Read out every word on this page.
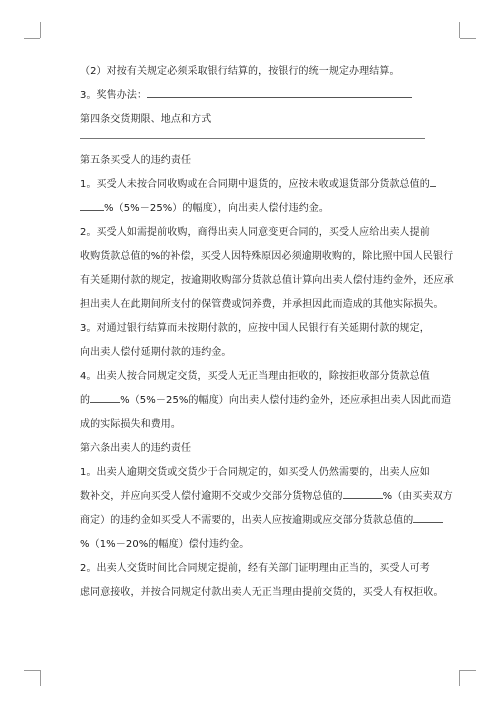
（2）对按有关规定必须采取银行结算的，按银行的统一规定办理结算。

3。奖售办法：

第四条交货期限、地点和方式

第五条买受人的违约责任

1。买受人未按合同收购或在合同期中退货的，应按未收或退货部分货款总值的

%（5%－25%）的幅度），向出卖人偿付违约金。

2。买受人如需提前收购，商得出卖人同意变更合同的，买受人应给出卖人提前

收购货款总值的%的补偿，买受人因特殊原因必须逾期收购的，除比照中国人民银行

有关延期付款的规定，按逾期收购部分货款总值计算向出卖人偿付违约金外，还应承

担出卖人在此期间所支付的保管费或饲养费，并承担因此而造成的其他实际损失。

3。对通过银行结算而未按期付款的，应按中国人民银行有关延期付款的规定，

向出卖人偿付延期付款的违约金。

4。出卖人按合同规定交货，买受人无正当理由拒收的，除按拒收部分货款总值

的	%（5%－25%的幅度）向出卖人偿付违约金外，还应承担出卖人因此而造

成的实际损失和费用。

第六条出卖人的违约责任

1。出卖人逾期交货或交货少于合同规定的，如买受人仍然需要的，出卖人应如

数补交，并应向买受人偿付逾期不交或少交部分货物总值的	%（由买卖双方

商定）的违约金如买受人不需要的，出卖人应按逾期或应交部分货款总值的

%（1%－20%的幅度）偿付违约金。

2。出卖人交货时间比合同规定提前，经有关部门证明理由正当的，买受人可考

虑同意接收，并按合同规定付款出卖人无正当理由提前交货的，买受人有权拒收。
